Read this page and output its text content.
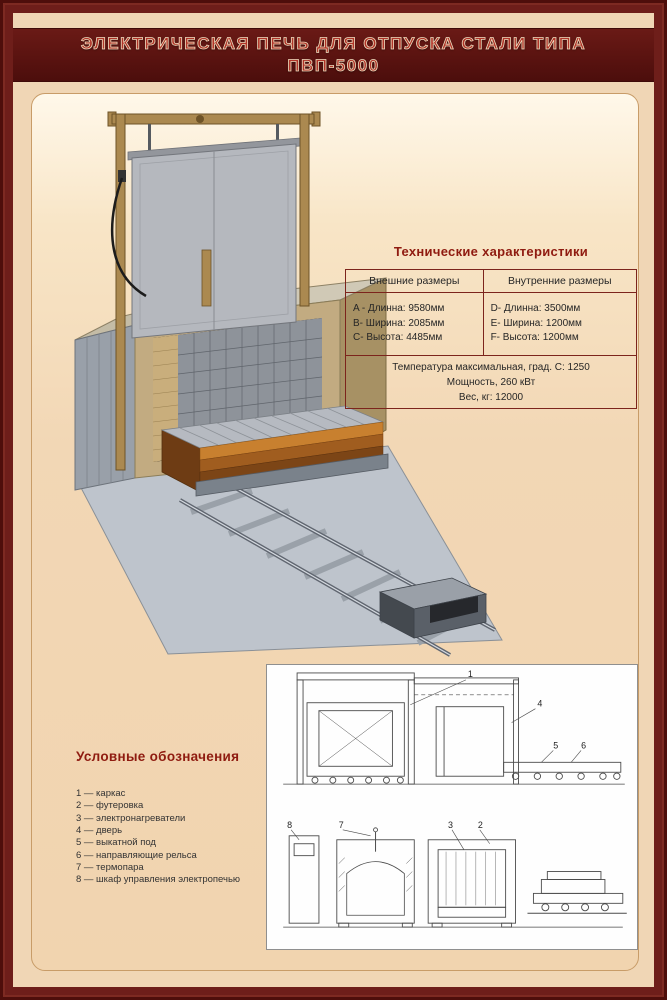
ЭЛЕКТРИЧЕСКАЯ ПЕЧЬ ДЛЯ ОТПУСКА СТАЛИ ТИПА
ПВП-5000
Технические характеристики
Внешние размеры	Внутренние размеры

A - Длинна: 9580мм
B- Ширина: 2085мм
C- Высота: 4485мм

D- Длинна: 3500мм
E- Ширина: 1200мм
F- Высота: 1200мм

Температура максимальная, град. C: 1250
Мощность, 260 кВт
Вес, кг: 12000	
Условные обозначения
1 — каркас
2 — футеровка
3 — электронагреватели
4 — дверь
5 — выкатной под
6 — направляющие рельса
7 — термопара
8 — шкаф управления электропечью
1
4
5	6
8	7	3	2
